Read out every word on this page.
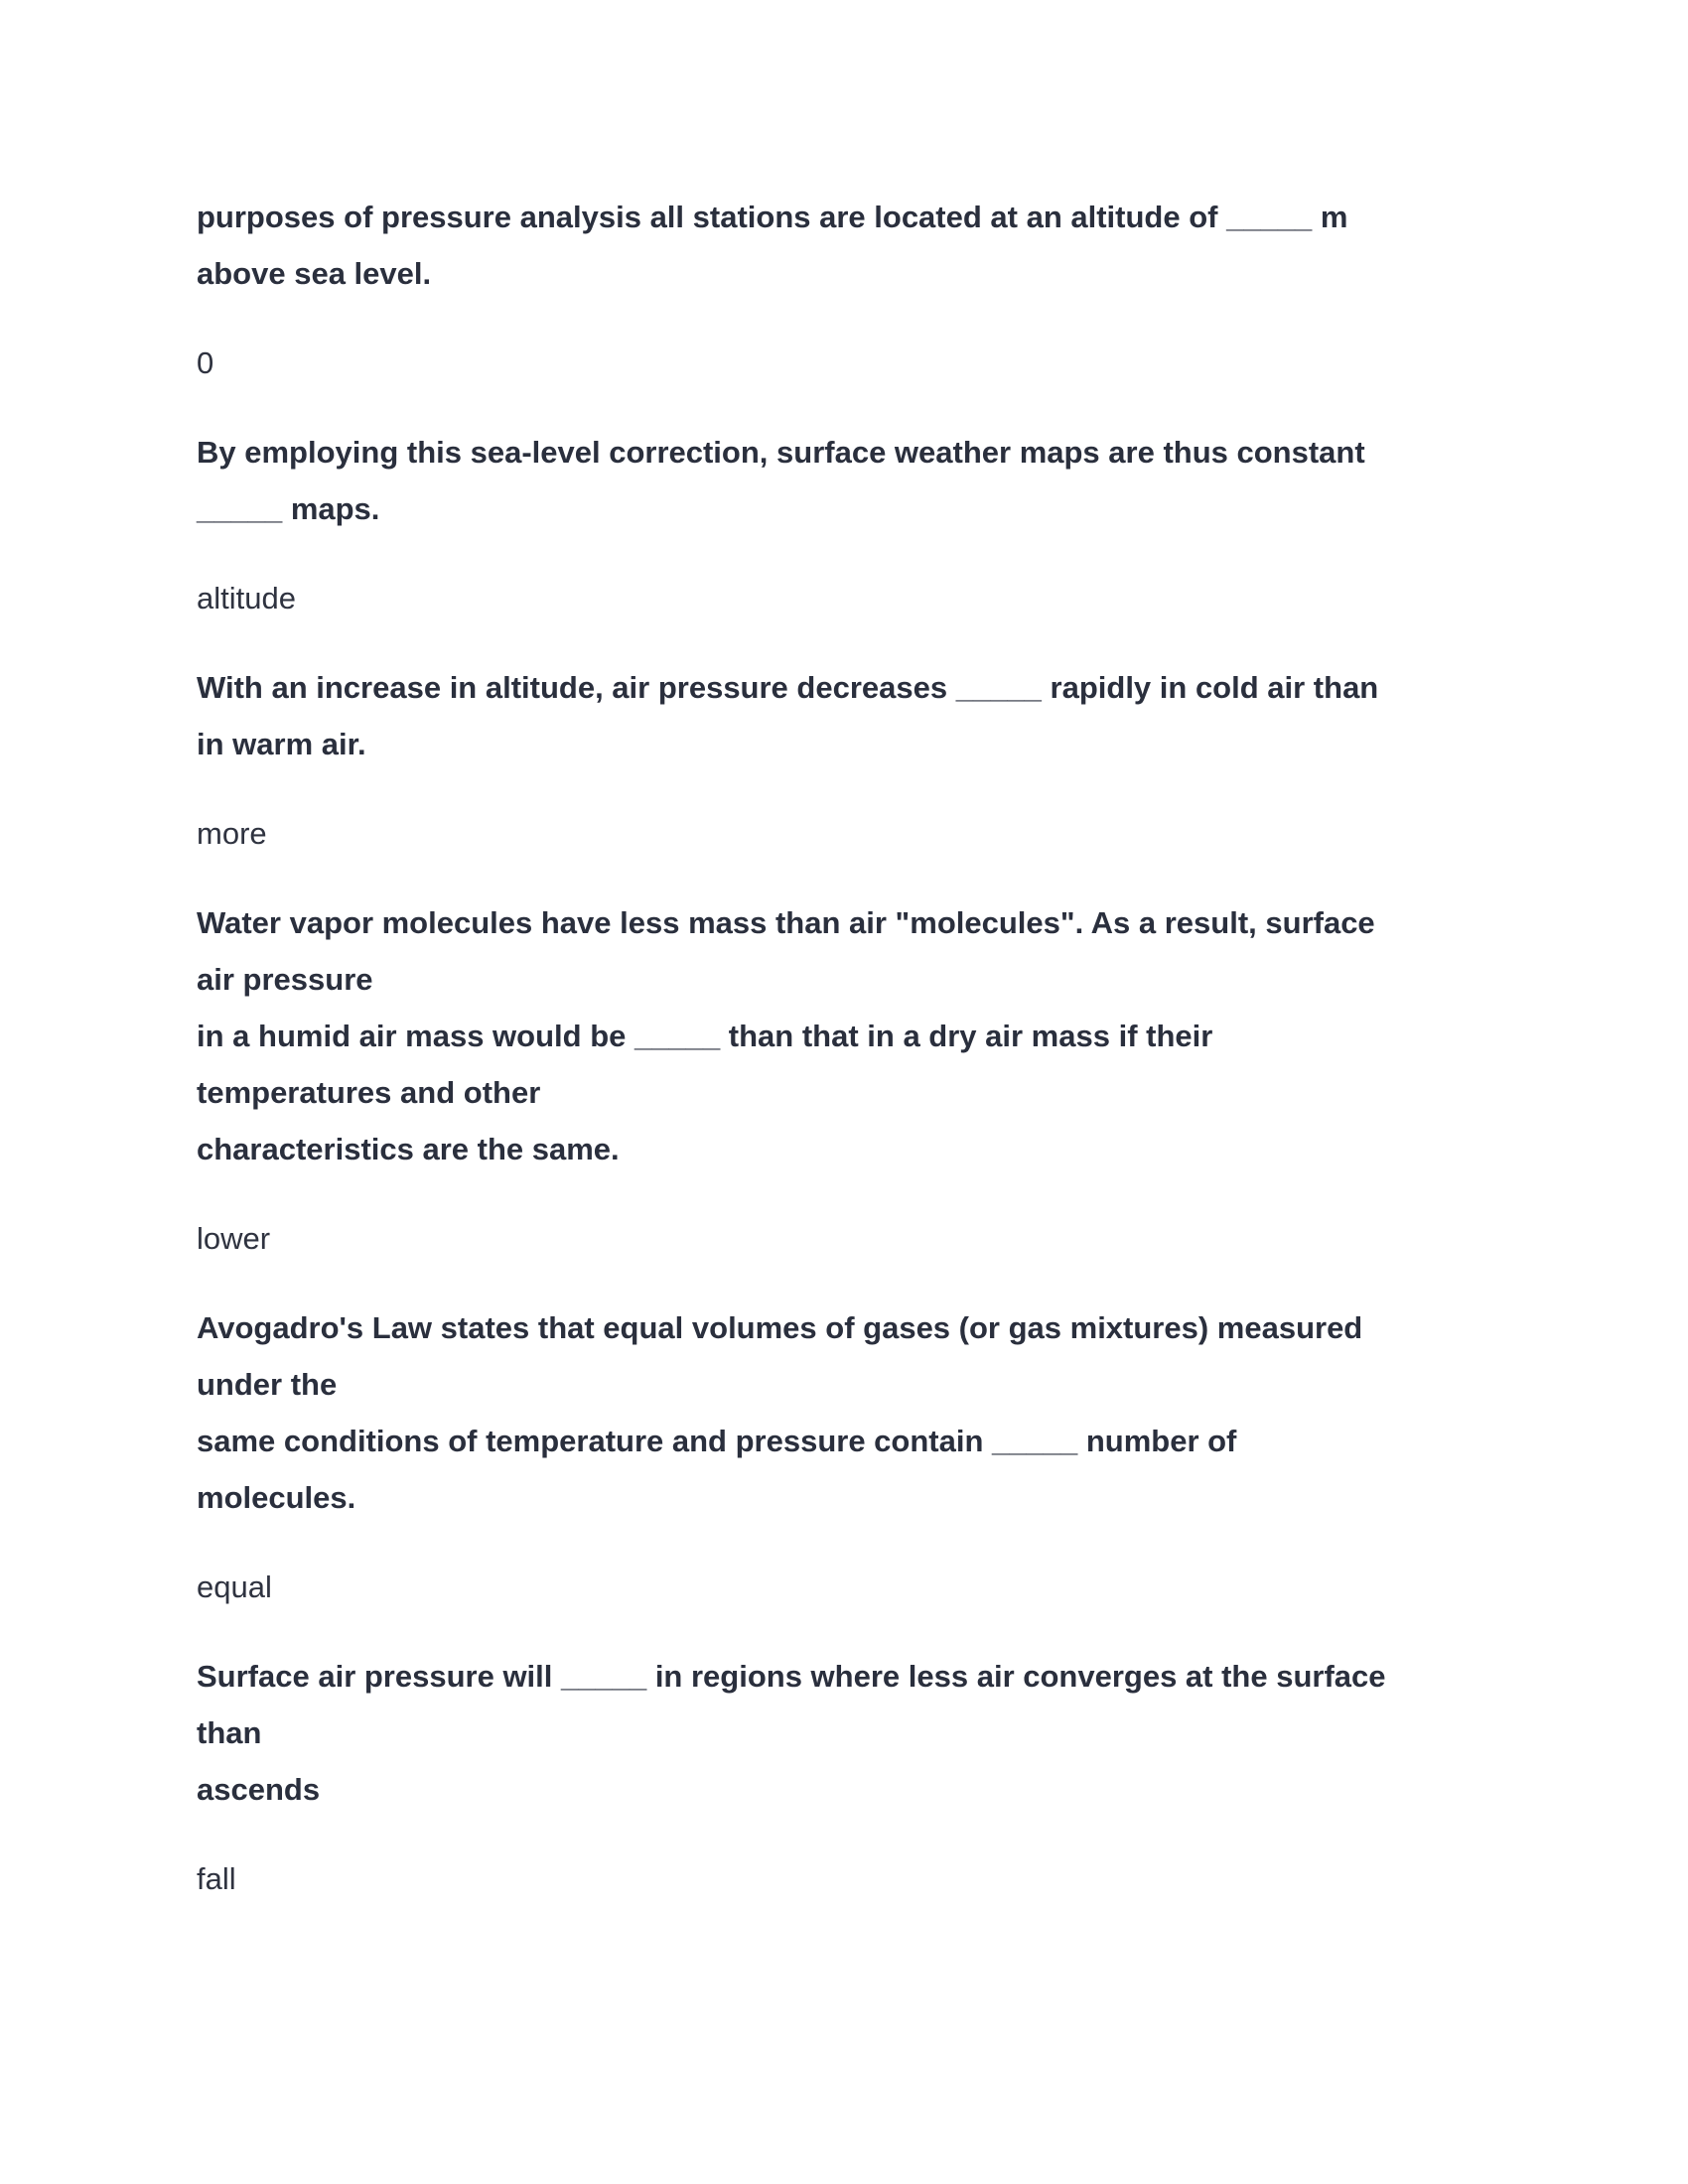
purposes of pressure analysis all stations are located at an altitude of _____ m
above sea level.
0
By employing this sea-level correction, surface weather maps are thus constant
_____ maps.
altitude
With an increase in altitude, air pressure decreases _____ rapidly in cold air than
in warm air.
more
Water vapor molecules have less mass than air "molecules". As a result, surface
air pressure
in a humid air mass would be _____ than that in a dry air mass if their
temperatures and other
characteristics are the same.
lower
Avogadro's Law states that equal volumes of gases (or gas mixtures) measured
under the
same conditions of temperature and pressure contain _____ number of
molecules.
equal
Surface air pressure will _____ in regions where less air converges at the surface
than
ascends
fall
